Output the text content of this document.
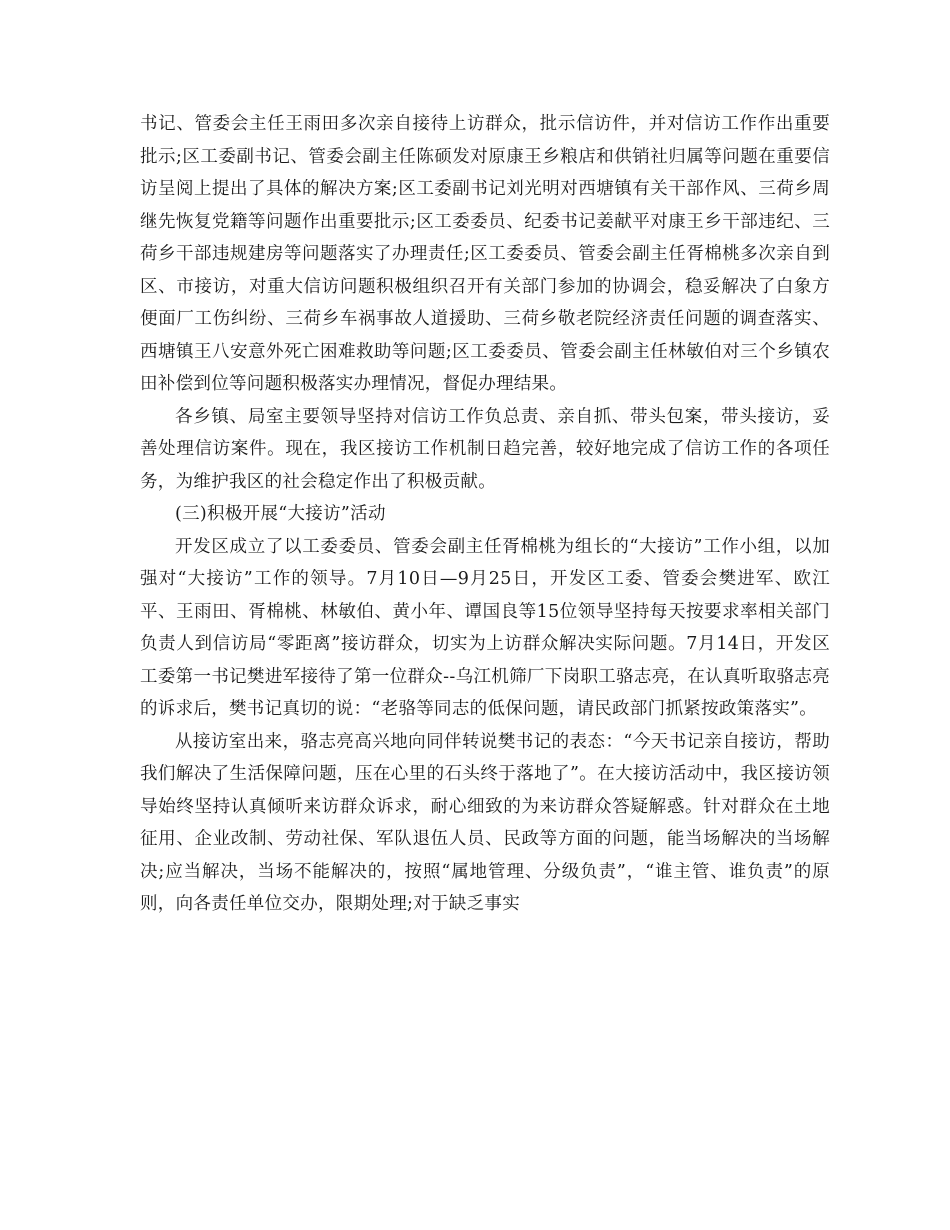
书记、管委会主任王雨田多次亲自接待上访群众，批示信访件，并对信访工作作出重要批示;区工委副书记、管委会副主任陈硕发对原康王乡粮店和供销社归属等问题在重要信访呈阅上提出了具体的解决方案;区工委副书记刘光明对西塘镇有关干部作风、三荷乡周继先恢复党籍等问题作出重要批示;区工委委员、纪委书记姜献平对康王乡干部违纪、三荷乡干部违规建房等问题落实了办理责任;区工委委员、管委会副主任胥棉桃多次亲自到区、市接访，对重大信访问题积极组织召开有关部门参加的协调会，稳妥解决了白象方便面厂工伤纠纷、三荷乡车祸事故人道援助、三荷乡敬老院经济责任问题的调查落实、西塘镇王八安意外死亡困难救助等问题;区工委委员、管委会副主任林敏伯对三个乡镇农田补偿到位等问题积极落实办理情况，督促办理结果。

各乡镇、局室主要领导坚持对信访工作负总责、亲自抓、带头包案，带头接访，妥善处理信访案件。现在，我区接访工作机制日趋完善，较好地完成了信访工作的各项任务，为维护我区的社会稳定作出了积极贡献。

(三)积极开展“大接访”活动

开发区成立了以工委委员、管委会副主任胥棉桃为组长的“大接访”工作小组，以加强对“大接访”工作的领导。7月10日—9月25日，开发区工委、管委会樊进军、欧江平、王雨田、胥棉桃、林敏伯、黄小年、谭国良等15位领导坚持每天按要求率相关部门负责人到信访局“零距离”接访群众，切实为上访群众解决实际问题。7月14日，开发区工委第一书记樊进军接待了第一位群众--乌江机筛厂下岗职工骆志亮，在认真听取骆志亮的诉求后，樊书记真切的说：“老骆等同志的低保问题，请民政部门抓紧按政策落实”。

从接访室出来，骆志亮高兴地向同伴转说樊书记的表态：“今天书记亲自接访，帮助我们解决了生活保障问题，压在心里的石头终于落地了”。在大接访活动中，我区接访领导始终坚持认真倾听来访群众诉求，耐心细致的为来访群众答疑解惑。针对群众在土地征用、企业改制、劳动社保、军队退伍人员、民政等方面的问题，能当场解决的当场解决;应当解决，当场不能解决的，按照“属地管理、分级负责”，“谁主管、谁负责”的原则，向各责任单位交办，限期处理;对于缺乏事实
